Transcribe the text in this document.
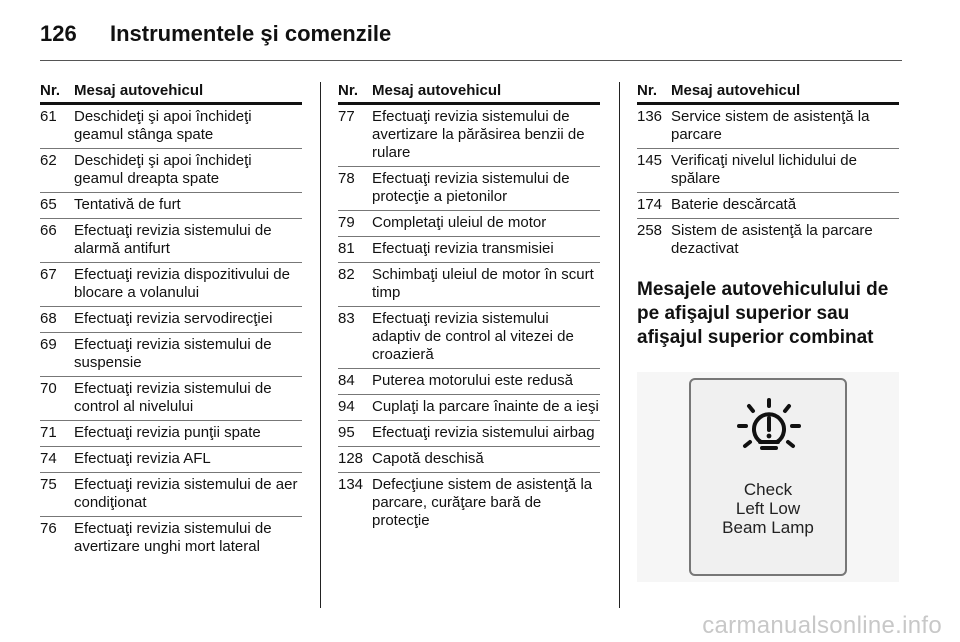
126	Instrumentele şi comenzile
Nr. Mesaj autovehicul
61	Deschideţi şi apoi închideţi geamul stânga spate
62	Deschideţi şi apoi închideţi geamul dreapta spate
65	Tentativă de furt
66	Efectuaţi revizia sistemului de alarmă antifurt
67	Efectuaţi revizia dispozitivului de blocare a volanului
68	Efectuaţi revizia servodirecţiei
69	Efectuaţi revizia sistemului de suspensie
70	Efectuaţi revizia sistemului de control al nivelului
71	Efectuaţi revizia punţii spate
74	Efectuaţi revizia AFL
75	Efectuaţi revizia sistemului de aer condiţionat
76	Efectuaţi revizia sistemului de avertizare unghi mort lateral
Nr. Mesaj autovehicul
77	Efectuaţi revizia sistemului de avertizare la părăsirea benzii de rulare
78	Efectuaţi revizia sistemului de protecţie a pietonilor
79	Completaţi uleiul de motor
81	Efectuaţi revizia transmisiei
82	Schimbaţi uleiul de motor în scurt timp
83	Efectuaţi revizia sistemului adaptiv de control al vitezei de croazieră
84	Puterea motorului este redusă
94	Cuplaţi la parcare înainte de a ieşi
95	Efectuaţi revizia sistemului airbag
128 Capotă deschisă
134 Defecţiune sistem de asistenţă la parcare, curăţare bară de protecţie
Nr. Mesaj autovehicul
136 Service sistem de asistenţă la parcare
145 Verificaţi nivelul lichidului de spălare
174 Baterie descărcată
258 Sistem de asistenţă la parcare dezactivat
Mesajele autovehiculului de pe afişajul superior sau afişajul superior combinat
Check
Left Low
Beam Lamp
carmanualsonline.info
